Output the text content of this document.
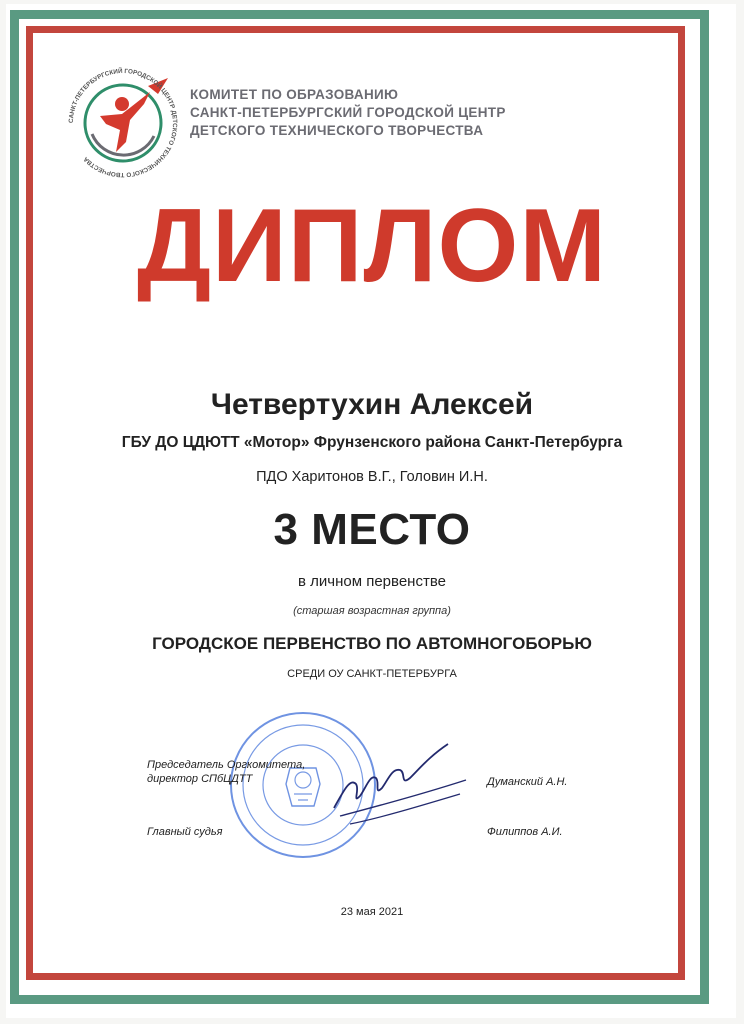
САНКТ-ПЕТЕРБУРГСКИЙ ГОРОДСКОЙ ЦЕНТР ДЕТСКОГО ТЕХНИЧЕСКОГО ТВОРЧЕСТВА
КОМИТЕТ ПО ОБРАЗОВАНИЮ
САНКТ-ПЕТЕРБУРГСКИЙ ГОРОДСКОЙ ЦЕНТР
ДЕТСКОГО ТЕХНИЧЕСКОГО ТВОРЧЕСТВА
ДИПЛОМ
Четвертухин Алексей
ГБУ ДО ЦДЮТТ «Мотор» Фрунзенского района Санкт-Петербурга
ПДО Харитонов В.Г., Головин И.Н.
3 МЕСТО
в личном первенстве
(старшая возрастная группа)
ГОРОДСКОЕ ПЕРВЕНСТВО ПО АВТОМНОГОБОРЬЮ
СРЕДИ ОУ САНКТ-ПЕТЕРБУРГА
Председатель Оргкомитета,
директор СПбЦДТТ	Думанский А.Н.
Главный судья	Филиппов А.И.
23 мая 2021
